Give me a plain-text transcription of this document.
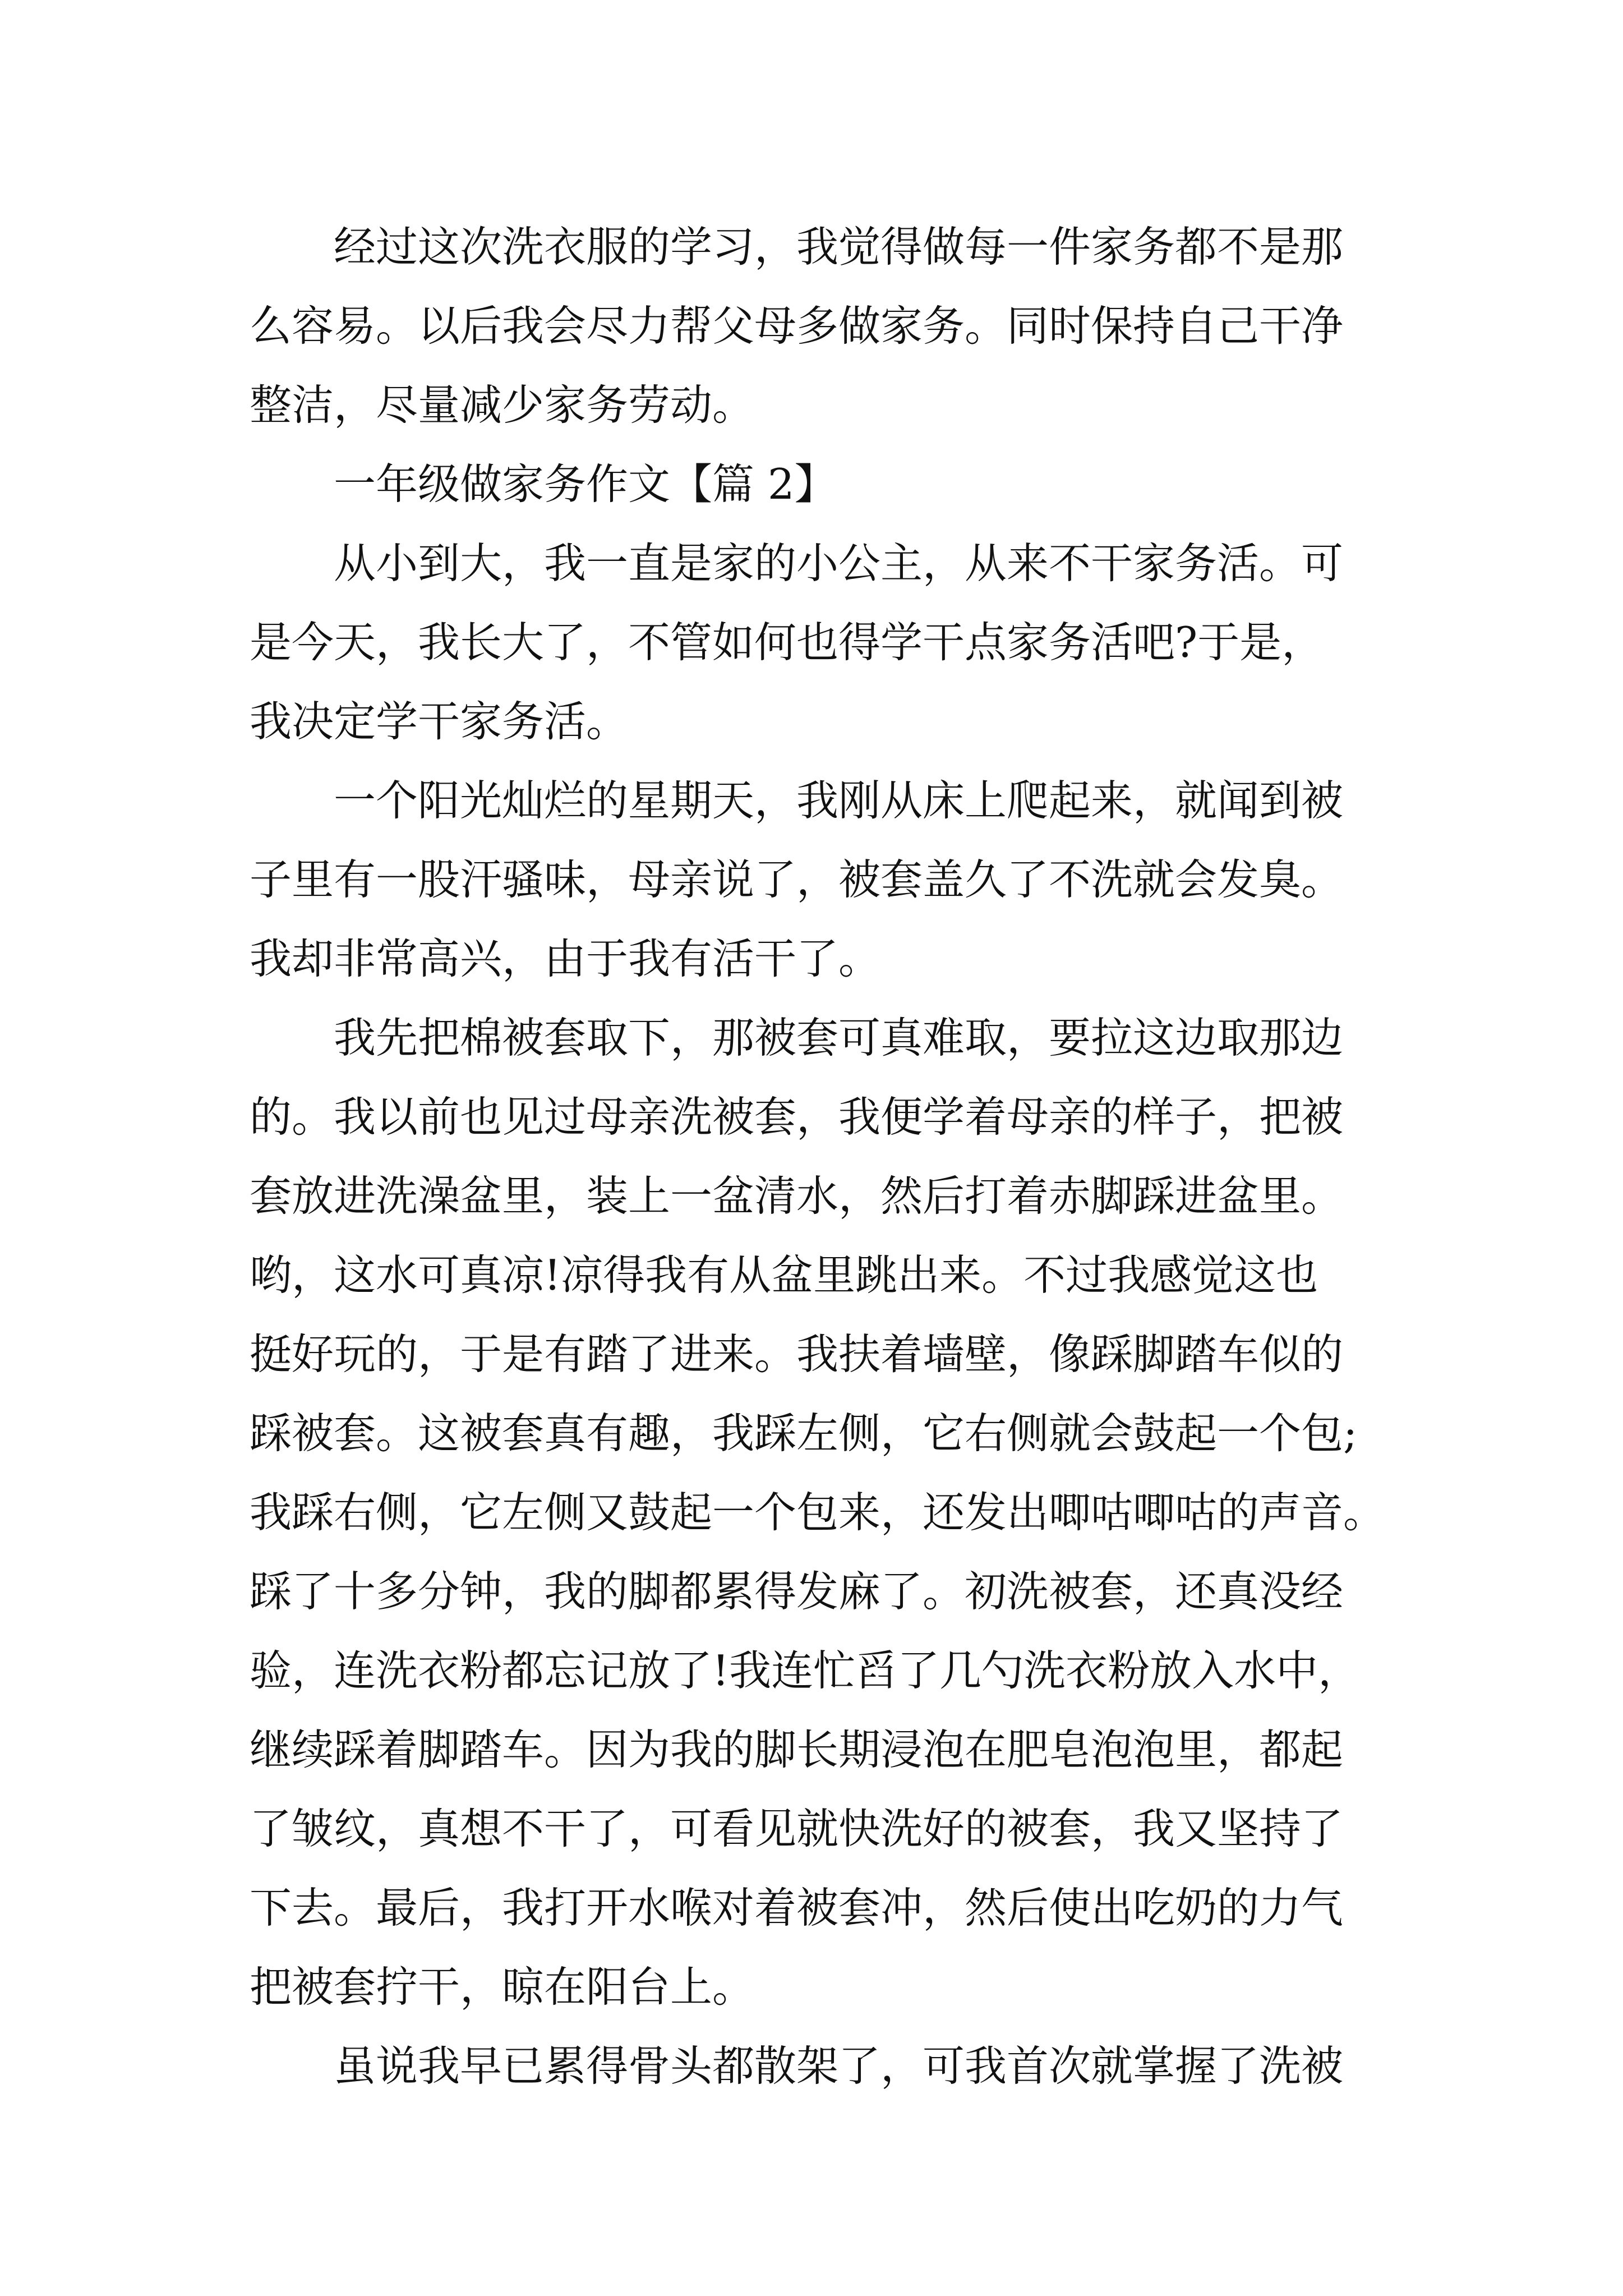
经过这次洗衣服的学习，我觉得做每一件家务都不是那
么容易。以后我会尽力帮父母多做家务。同时保持自己干净
整洁，尽量减少家务劳动。
一年级做家务作文【篇 2】
从小到大，我一直是家的小公主，从来不干家务活。可
是今天，我长大了，不管如何也得学干点家务活吧?于是，
我决定学干家务活。
一个阳光灿烂的星期天，我刚从床上爬起来，就闻到被
子里有一股汗骚味，母亲说了，被套盖久了不洗就会发臭。
我却非常高兴，由于我有活干了。
我先把棉被套取下，那被套可真难取，要拉这边取那边
的。我以前也见过母亲洗被套，我便学着母亲的样子，把被
套放进洗澡盆里，装上一盆清水，然后打着赤脚踩进盆里。
哟，这水可真凉!凉得我有从盆里跳出来。不过我感觉这也
挺好玩的，于是有踏了进来。我扶着墙壁，像踩脚踏车似的
踩被套。这被套真有趣，我踩左侧，它右侧就会鼓起一个包;
我踩右侧，它左侧又鼓起一个包来，还发出唧咕唧咕的声音。
踩了十多分钟，我的脚都累得发麻了。初洗被套，还真没经
验，连洗衣粉都忘记放了!我连忙舀了几勺洗衣粉放入水中，
继续踩着脚踏车。因为我的脚长期浸泡在肥皂泡泡里，都起
了皱纹，真想不干了，可看见就快洗好的被套，我又坚持了
下去。最后，我打开水喉对着被套冲，然后使出吃奶的力气
把被套拧干，晾在阳台上。
虽说我早已累得骨头都散架了，可我首次就掌握了洗被
